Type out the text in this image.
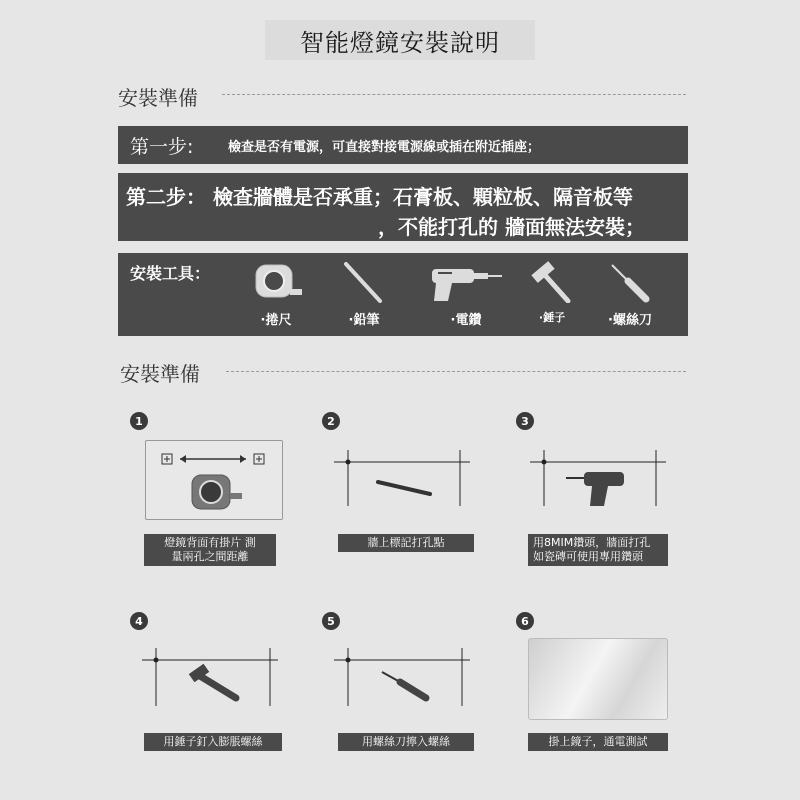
智能燈鏡安裝說明
安裝準備
第一步:	檢查是否有電源，可直接對接電源線或插在附近插座；
第二步： 檢查牆體是否承重；石膏板、顆粒板、隔音板等
，不能打孔的 牆面無法安裝；
安裝工具：
·捲尺	·鉛筆	·電鑽	·錘子	·螺絲刀
安裝準備
1	2	3
4	5	6
燈鏡背面有掛片 測
量兩孔之間距離
牆上標記打孔點	用8MIM鑽頭，牆面打孔
如瓷磚可使用專用鑽頭
用錘子釘入膨脹螺絲	用螺絲刀擰入螺絲	掛上鏡子，通電測試
